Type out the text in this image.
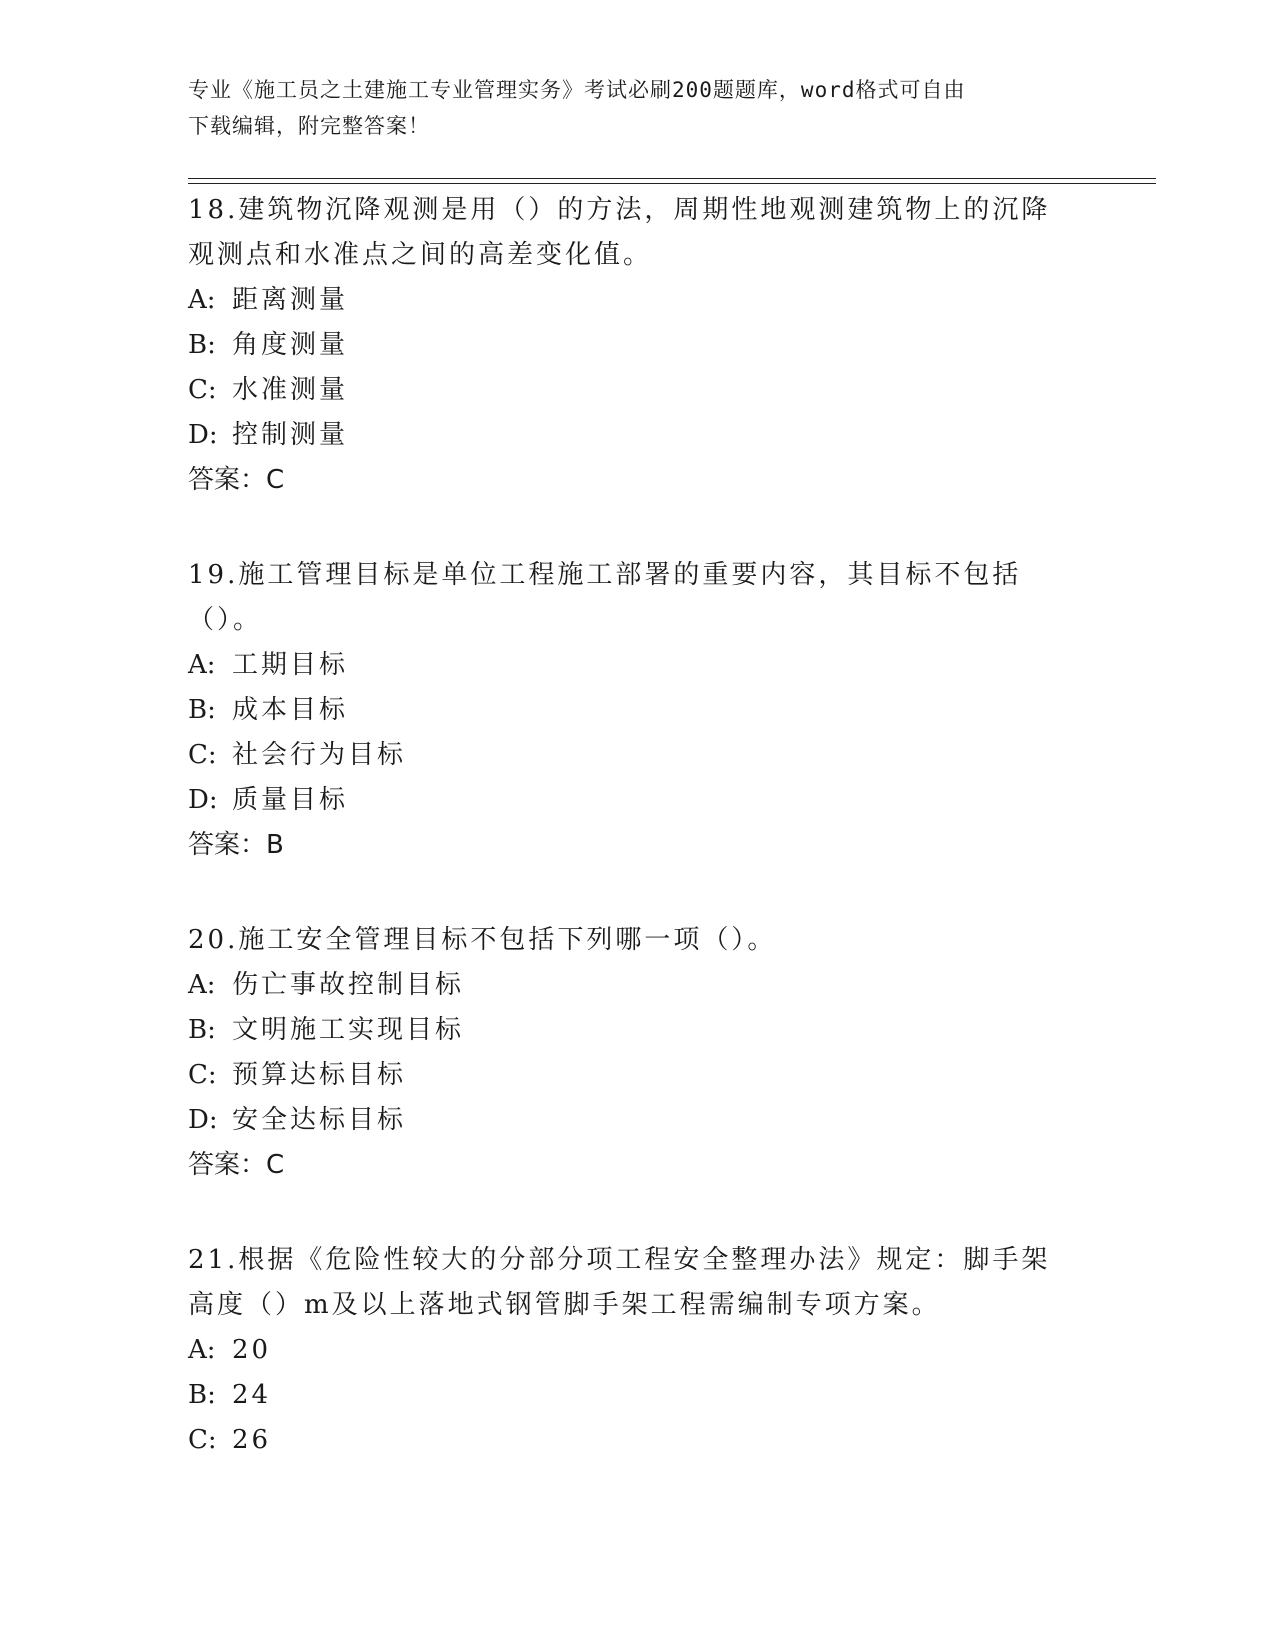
专业《施工员之土建施工专业管理实务》考试必刷200题题库，word格式可自由
下载编辑，附完整答案！

18.建筑物沉降观测是用（）的方法，周期性地观测建筑物上的沉降观测点和水准点之间的高差变化值。

A: 距离测量

B: 角度测量

C: 水准测量

D: 控制测量

答案：C

19.施工管理目标是单位工程施工部署的重要内容，其目标不包括（）。

A: 工期目标

B: 成本目标

C: 社会行为目标

D: 质量目标

答案：B

20.施工安全管理目标不包括下列哪一项（）。

A: 伤亡事故控制目标

B: 文明施工实现目标

C: 预算达标目标

D: 安全达标目标

答案：C

21.根据《危险性较大的分部分项工程安全整理办法》规定：脚手架高度（）m及以上落地式钢管脚手架工程需编制专项方案。

A: 20

B: 24

C: 26
